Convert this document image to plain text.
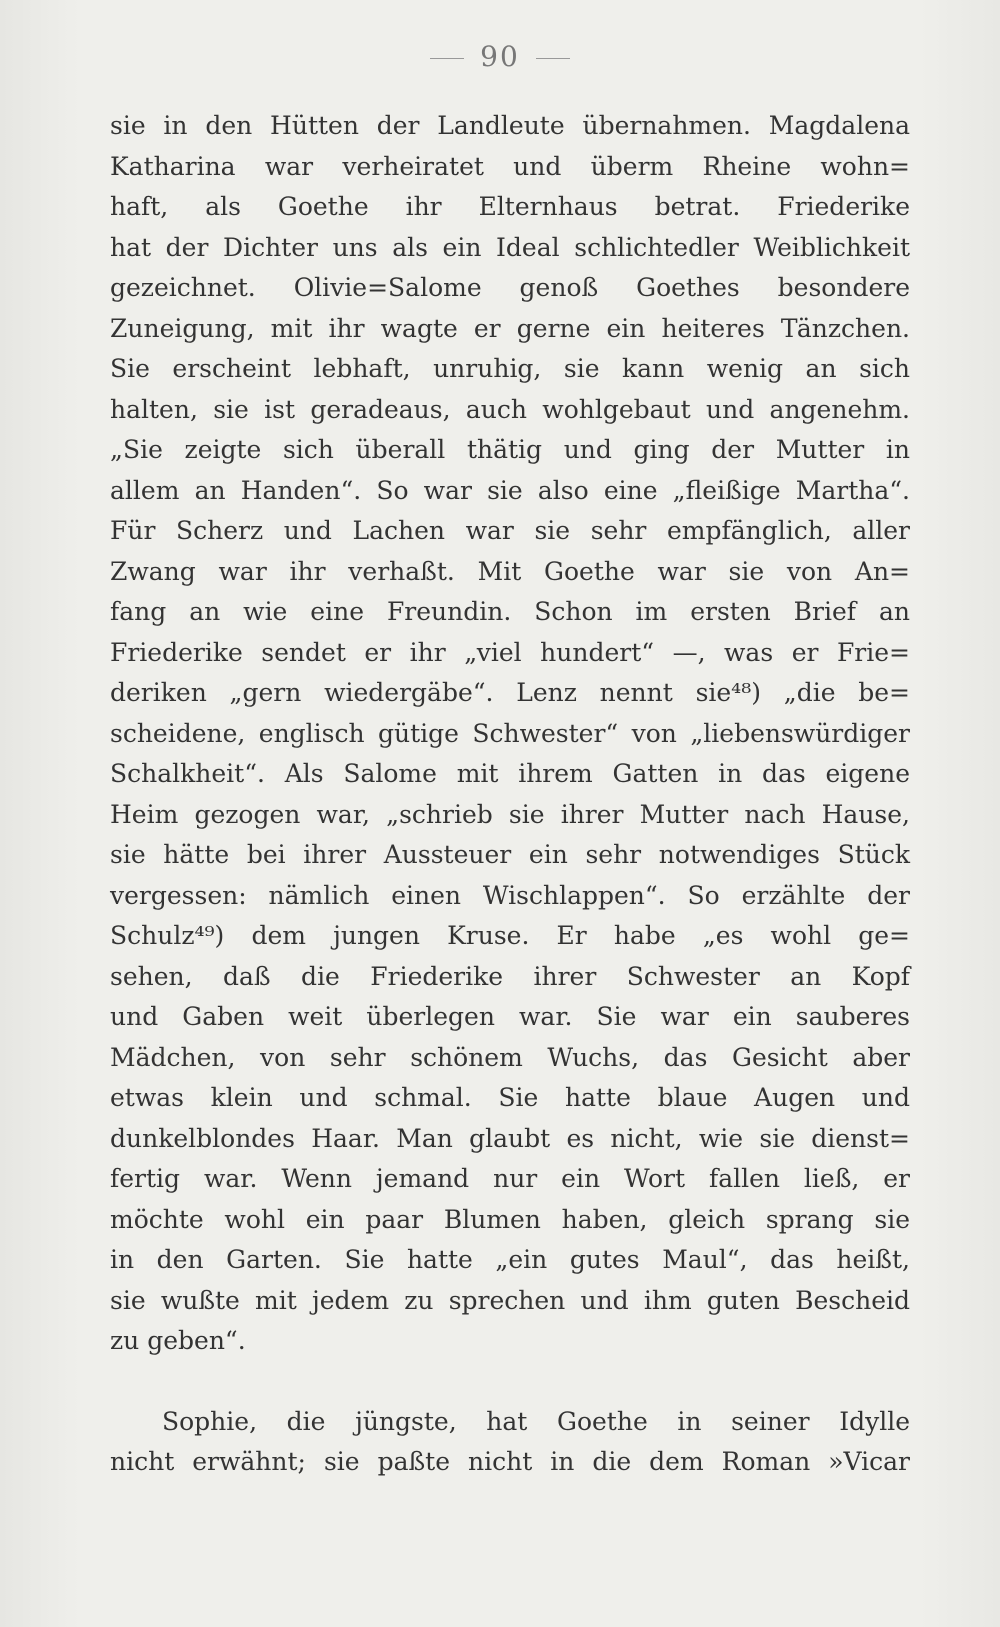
90
sie in den Hütten der Landleute übernahmen. Magdalena
Katharina war verheiratet und überm Rheine wohn=
haft, als Goethe ihr Elternhaus betrat. Friederike
hat der Dichter uns als ein Ideal schlichtedler Weiblichkeit
gezeichnet. Olivie=Salome genoß Goethes besondere
Zuneigung, mit ihr wagte er gerne ein heiteres Tänzchen.
Sie erscheint lebhaft, unruhig, sie kann wenig an sich
halten, sie ist geradeaus, auch wohlgebaut und angenehm.
„Sie zeigte sich überall thätig und ging der Mutter in
allem an Handen“. So war sie also eine „fleißige Martha“.
Für Scherz und Lachen war sie sehr empfänglich, aller
Zwang war ihr verhaßt. Mit Goethe war sie von An=
fang an wie eine Freundin. Schon im ersten Brief an
Friederike sendet er ihr „viel hundert“ —, was er Frie=
deriken „gern wiedergäbe“. Lenz nennt sie⁴⁸) „die be=
scheidene, englisch gütige Schwester“ von „liebenswürdiger
Schalkheit“. Als Salome mit ihrem Gatten in das eigene
Heim gezogen war, „schrieb sie ihrer Mutter nach Hause,
sie hätte bei ihrer Aussteuer ein sehr notwendiges Stück
vergessen: nämlich einen Wischlappen“. So erzählte der
Schulz⁴⁹) dem jungen Kruse. Er habe „es wohl ge=
sehen, daß die Friederike ihrer Schwester an Kopf
und Gaben weit überlegen war. Sie war ein sauberes
Mädchen, von sehr schönem Wuchs, das Gesicht aber
etwas klein und schmal. Sie hatte blaue Augen und
dunkelblondes Haar. Man glaubt es nicht, wie sie dienst=
fertig war. Wenn jemand nur ein Wort fallen ließ, er
möchte wohl ein paar Blumen haben, gleich sprang sie
in den Garten. Sie hatte „ein gutes Maul“, das heißt,
sie wußte mit jedem zu sprechen und ihm guten Bescheid
zu geben“.
Sophie, die jüngste, hat Goethe in seiner Idylle
nicht erwähnt; sie paßte nicht in die dem Roman »Vicar
